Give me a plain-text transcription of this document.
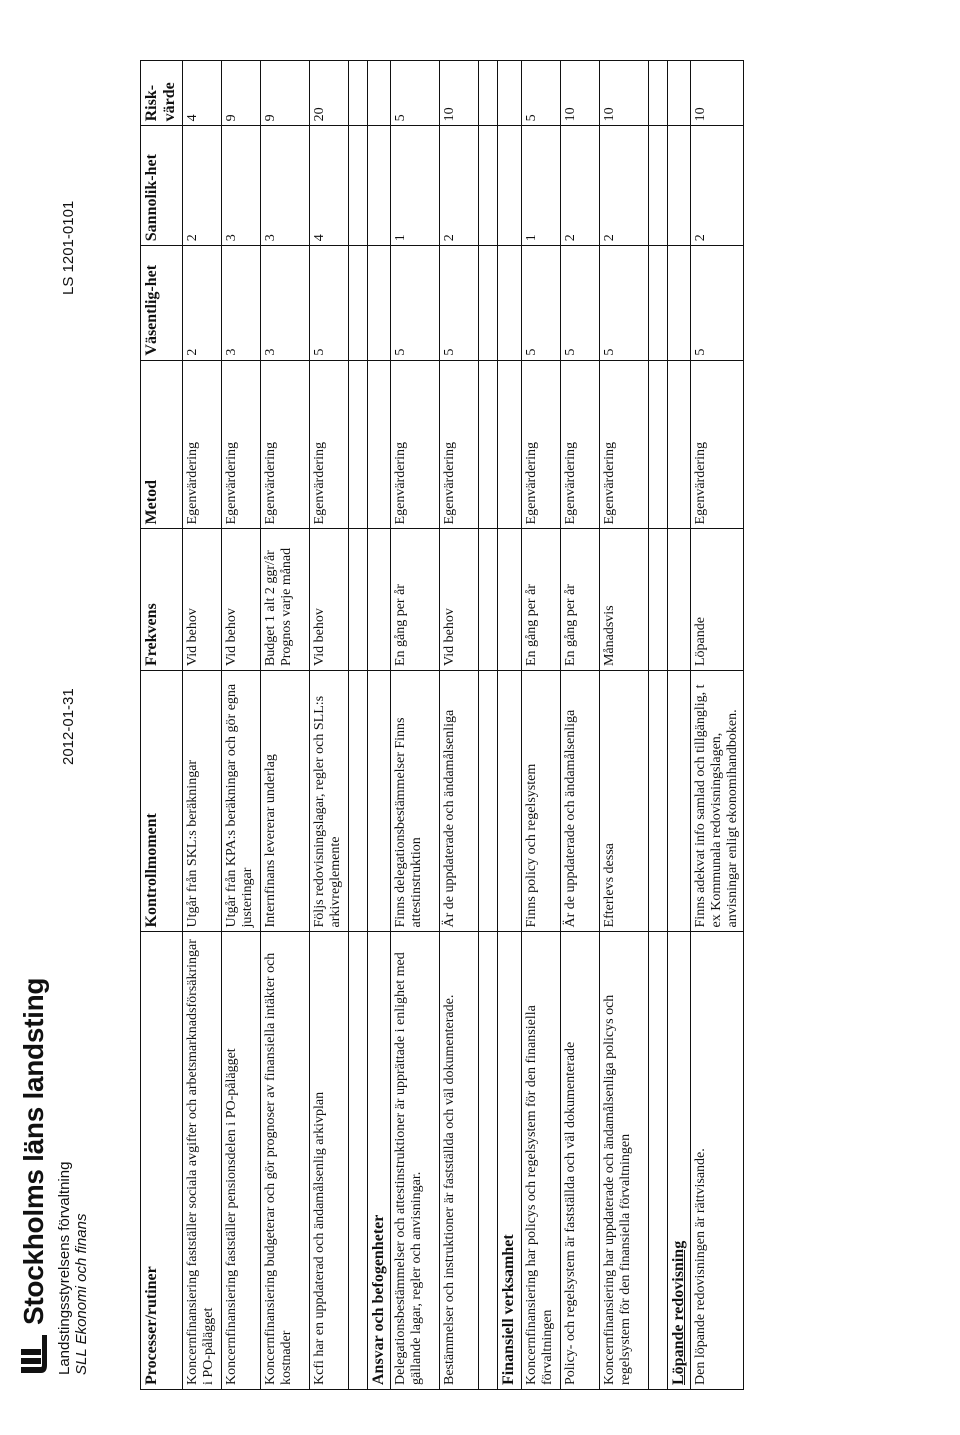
Stockholms läns landsting Landstingsstyrelsens förvaltning SLL Ekonomi och finans
2012-01-31
LS 1201-0101
Processer/rutiner	Kontrollmoment	Frekvens	Metod	Väsentlig-het	Sannolik-het	Risk-värde
Koncernfinansiering fastställer sociala avgifter och arbetsmarknadsförsäkringar i PO-pålägget	Utgår från SKL:s beräkningar	Vid behov	Egenvärdering	2	2	4
Koncernfinansiering fastställer pensionsdelen i PO-pålägget	Utgår från KPA:s beräkningar och gör egna justeringar	Vid behov	Egenvärdering	3	3	9
Koncernfinansiering budgeterar och gör prognoser av finansiella intäkter och kostnader	Internfinans levererar underlag	Budget 1 alt 2 ggr/år Prognos varje månad	Egenvärdering	3	3	9
Kcfi har en uppdaterad och ändamålsenlig arkivplan	Följs redovisningslagar, regler och SLL:s arkivreglemente	Vid behov	Egenvärdering	5	4	20

Ansvar och befogenheter						
Delegationsbestämmelser och attestinstruktioner är upprättade i enlighet med gällande lagar, regler och anvisningar.	Finns delegationsbestämmelser Finns attestinstruktion	En gång per år	Egenvärdering	5	1	5
Bestämmelser och instruktioner är fastställda och väl dokumenterade.	Är de uppdaterade och ändamålsenliga	Vid behov	Egenvärdering	5	2	10

Finansiell verksamhet						
Koncernfinansiering har policys och regelsystem för den finansiella förvaltningen	Finns policy och regelsystem	En gång per år	Egenvärdering	5	1	5
Policy- och regelsystem är fastställda och väl dokumenterade	Är de uppdaterade och ändamålsenliga	En gång per år	Egenvärdering	5	2	10
Koncernfinansiering har uppdaterade och ändamålsenliga policys och regelsystem för den finansiella förvaltningen	Efterlevs dessa	Månadsvis	Egenvärdering	5	2	10

Löpande redovisning						
Den löpande redovisningen är rättvisande.	Finns adekvat info samlad och tillgänglig, t ex Kommunala redovisningslagen, anvisningar enligt ekonomihandboken.	Löpande	Egenvärdering	5	2	10
